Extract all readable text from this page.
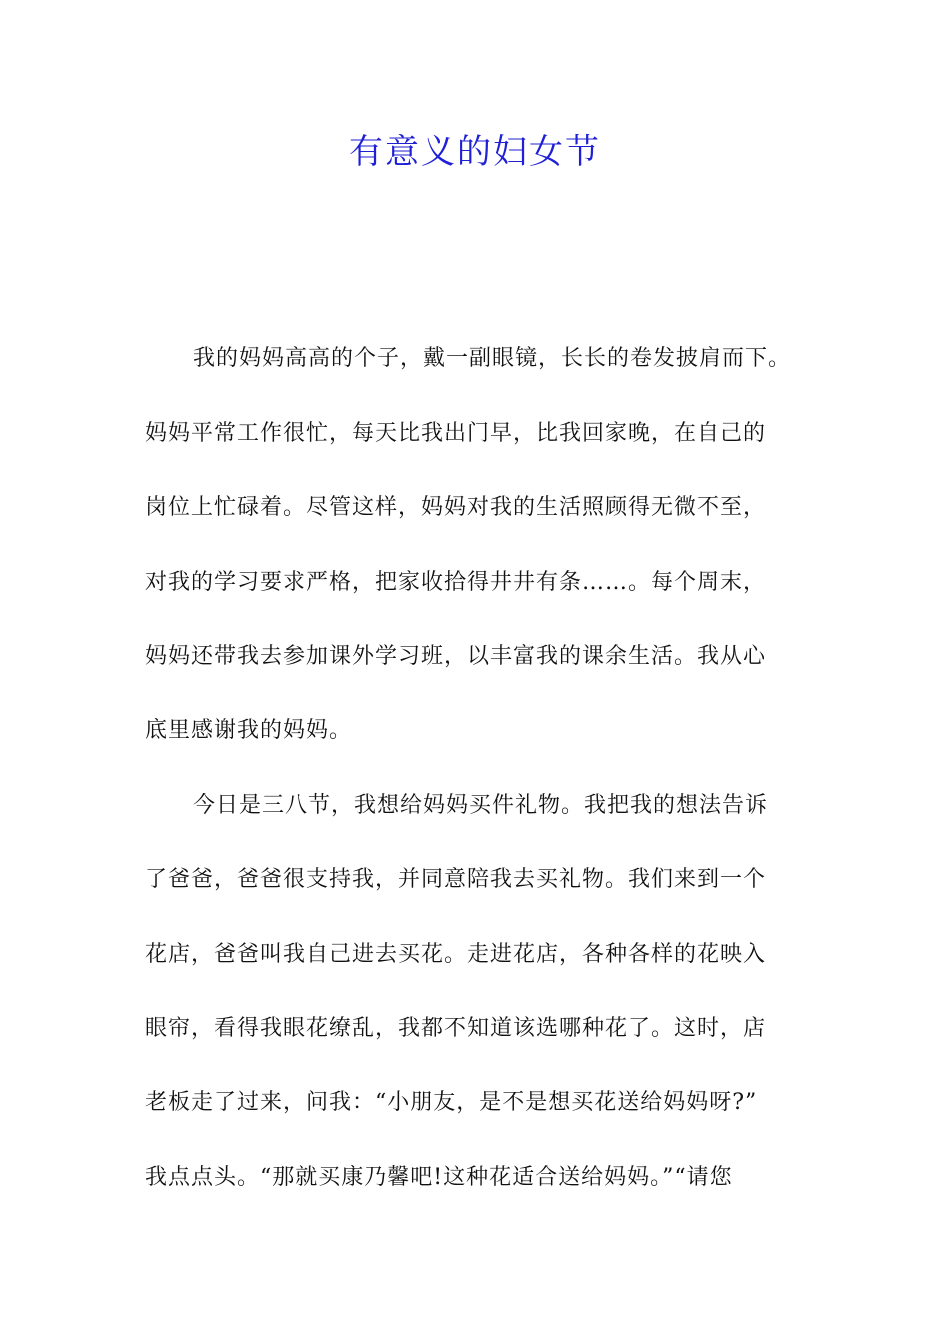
有意义的妇女节
我的妈妈高高的个子，戴一副眼镜，长长的卷发披肩而下。
妈妈平常工作很忙，每天比我出门早，比我回家晚，在自己的
岗位上忙碌着。尽管这样，妈妈对我的生活照顾得无微不至，
对我的学习要求严格，把家收拾得井井有条……。每个周末，
妈妈还带我去参加课外学习班，以丰富我的课余生活。我从心
底里感谢我的妈妈。
今日是三八节，我想给妈妈买件礼物。我把我的想法告诉
了爸爸，爸爸很支持我，并同意陪我去买礼物。我们来到一个
花店，爸爸叫我自己进去买花。走进花店，各种各样的花映入
眼帘，看得我眼花缭乱，我都不知道该选哪种花了。这时，店
老板走了过来，问我：“小朋友，是不是想买花送给妈妈呀?”
我点点头。“那就买康乃馨吧!这种花适合送给妈妈。”“请您
